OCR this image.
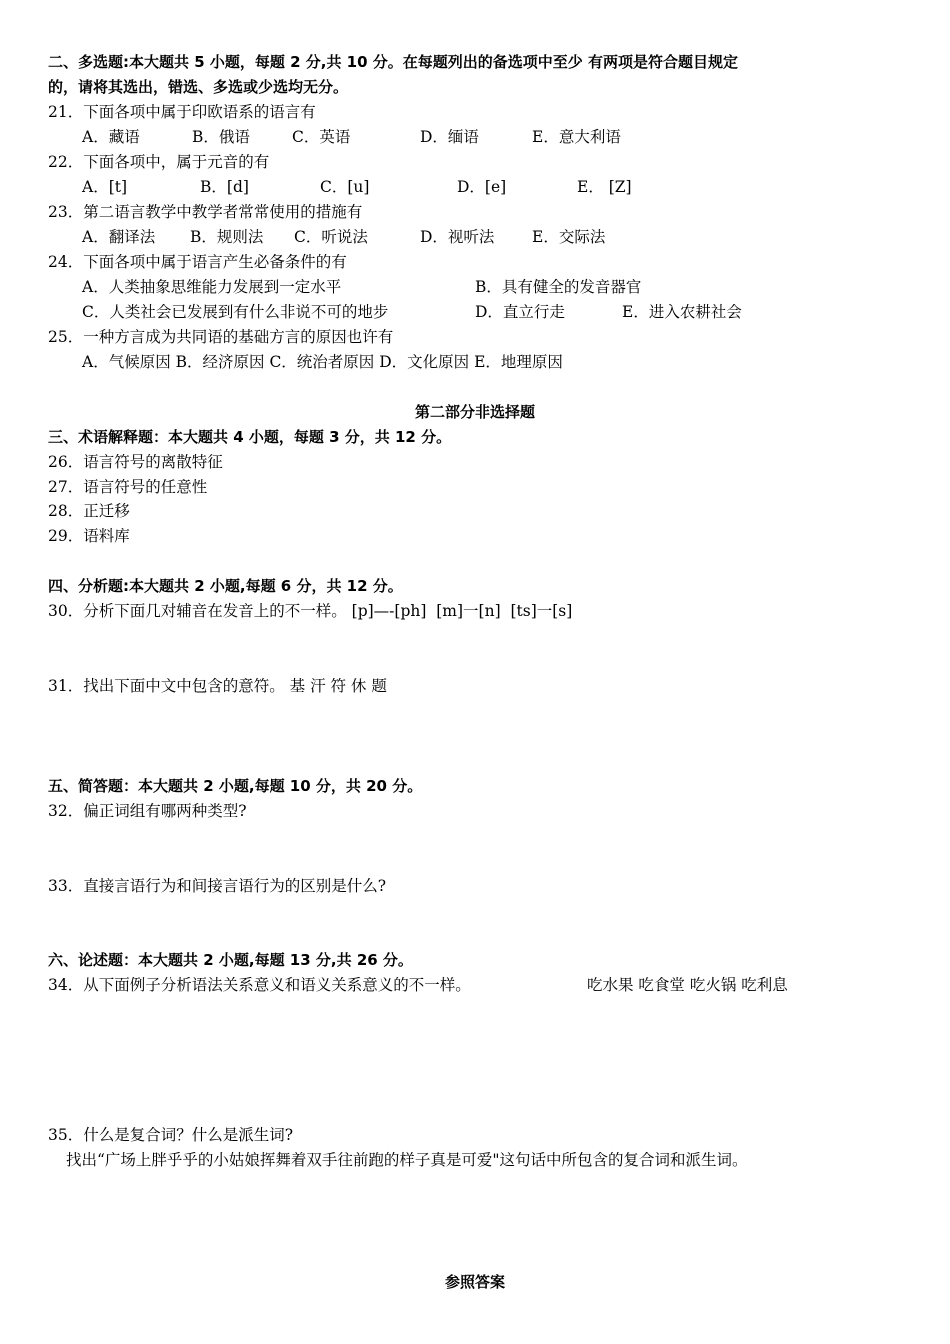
二、多选题:本大题共 5 小题，每题 2 分,共 10 分。在每题列出的备选项中至少 有两项是符合题目规定
的，请将其选出，错选、多选或少选均无分。
21．下面各项中属于印欧语系的语言有

A．藏语

	B．俄语

	C．英语

	D．缅语

	E．意大利语

22．下面各项中，属于元音的有

A．[t]

	B．[d]

	C．[u]

	D．[e]

	E． [Z]

23．第二语言教学中教学者常常使用的措施有

A．翻译法

B．规则法

C．听说法

	D．视听法

E．交际法

24．下面各项中属于语言产生必备条件的有

A．人类抽象思维能力发展到一定水平

	B．具有健全的发音器官

C．人类社会已发展到有什么非说不可的地步

	D．直立行走

	E．进入农耕社会

25．一种方言成为共同语的基础方言的原因也许有
A．气候原因 B．经济原因 C．统治者原因 D．文化原因 E．地理原因
第二部分非选择题
三、术语解释题：本大题共 4 小题，每题 3 分，共 12 分。
26．语言符号的离散特征
27．语言符号的任意性
28．正迁移
29．语料库
四、分析题:本大题共 2 小题,每题 6 分，共 12 分。
30．分析下面几对辅音在发音上的不一样。 [p]—-[ph]  [m]一[n]  [ts]一[s]
31．找出下面中文中包含的意符。 基 汗 符 休 题
五、简答题：本大题共 2 小题,每题 10 分，共 20 分。
32．偏正词组有哪两种类型?
33．直接言语行为和间接言语行为的区别是什么?
六、论述题：本大题共 2 小题,每题 13 分,共 26 分。
34．从下面例子分析语法关系意义和语义关系意义的不一样。	吃水果 吃食堂 吃火锅 吃利息
35．什么是复合词？什么是派生词?
找出“广场上胖乎乎的小姑娘挥舞着双手往前跑的样子真是可爱"这句话中所包含的复合词和派生词。
参照答案
